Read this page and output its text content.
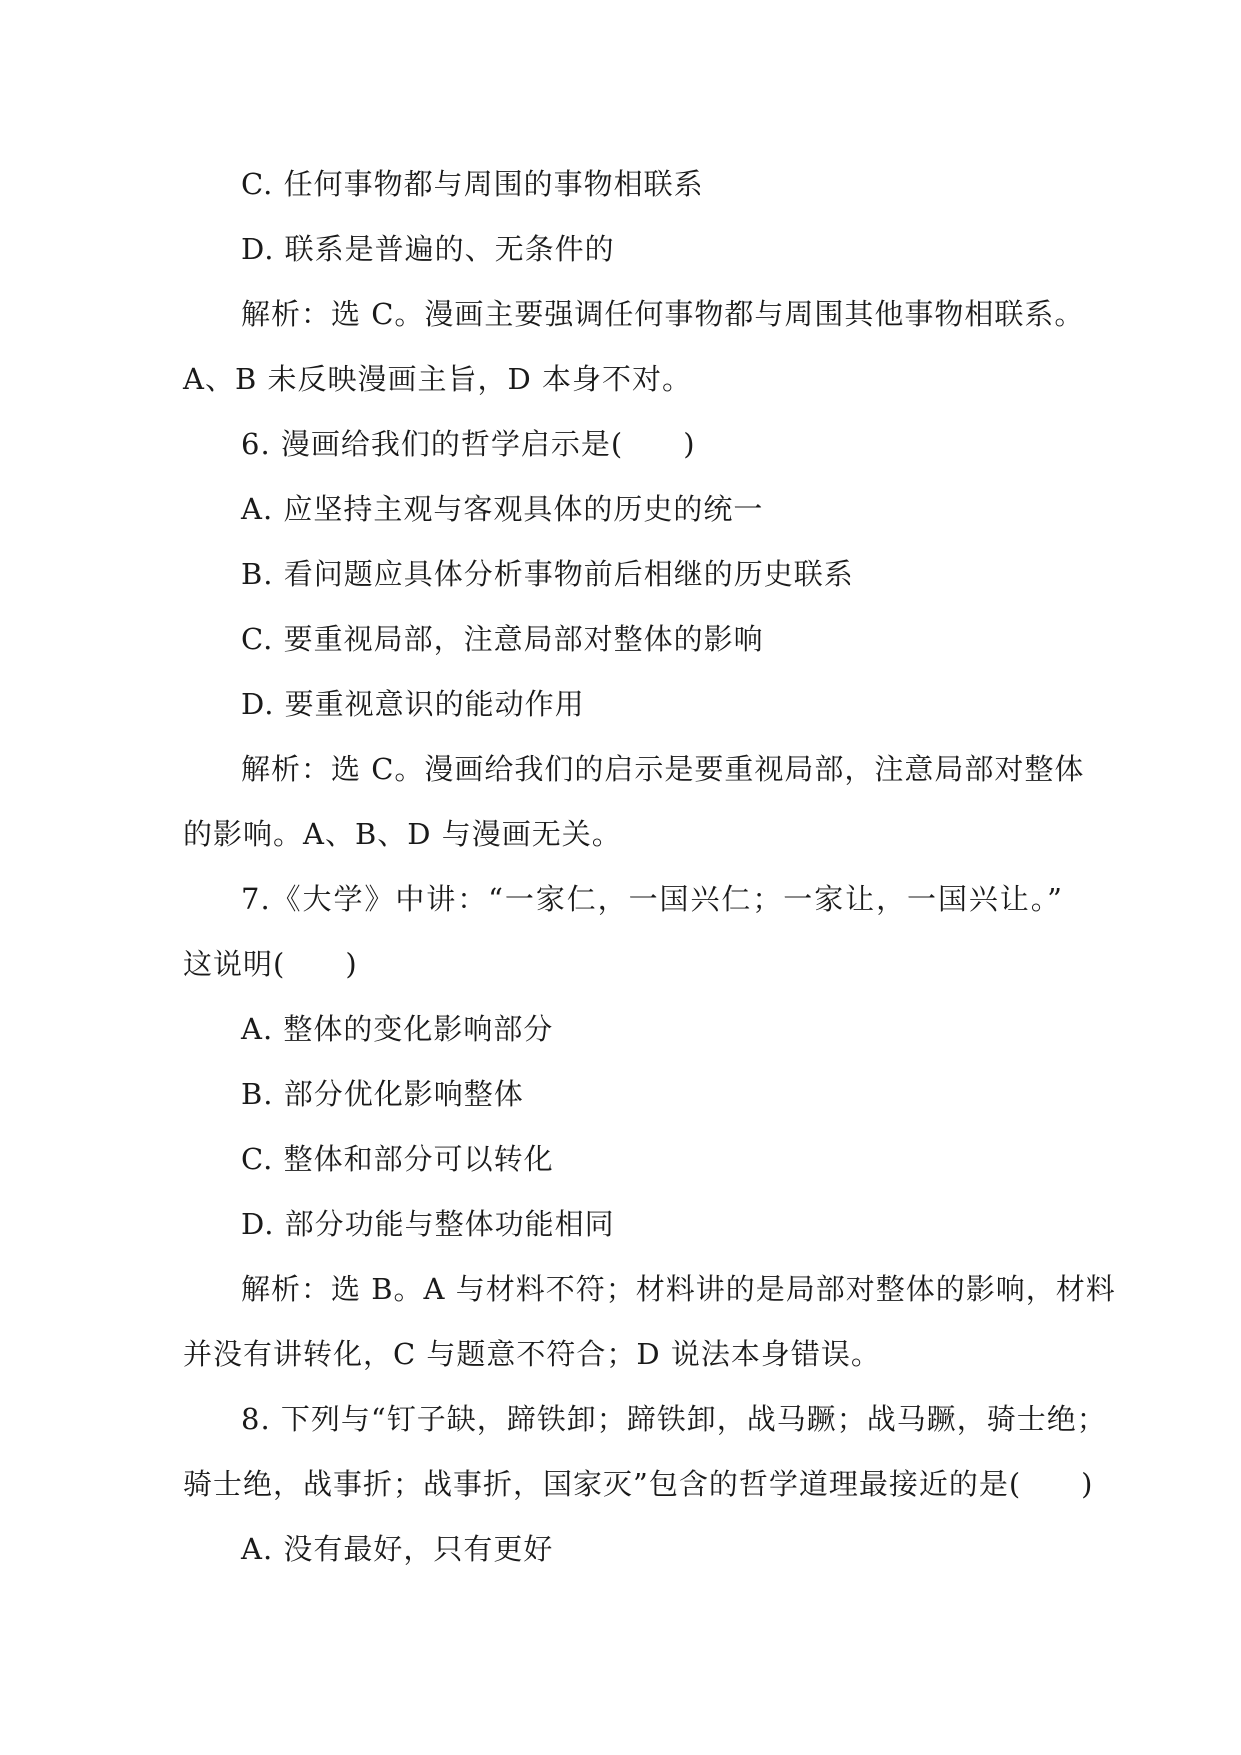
C. 任何事物都与周围的事物相联系
D. 联系是普遍的、无条件的
解析：选 C。漫画主要强调任何事物都与周围其他事物相联系。
A、B 未反映漫画主旨，D 本身不对。
6. 漫画给我们的哲学启示是(　　)
A. 应坚持主观与客观具体的历史的统一
B. 看问题应具体分析事物前后相继的历史联系
C. 要重视局部，注意局部对整体的影响
D. 要重视意识的能动作用
解析：选 C。漫画给我们的启示是要重视局部，注意局部对整体
的影响。A、B、D 与漫画无关。
7.《大学》中讲：“一家仁，一国兴仁；一家让，一国兴让。”
这说明(　　)
A. 整体的变化影响部分
B. 部分优化影响整体
C. 整体和部分可以转化
D. 部分功能与整体功能相同
解析：选 B。A 与材料不符；材料讲的是局部对整体的影响，材料
并没有讲转化，C 与题意不符合；D 说法本身错误。
8. 下列与“钉子缺，蹄铁卸；蹄铁卸，战马蹶；战马蹶，骑士绝；
骑士绝，战事折；战事折，国家灭”包含的哲学道理最接近的是(　　)
A. 没有最好，只有更好
